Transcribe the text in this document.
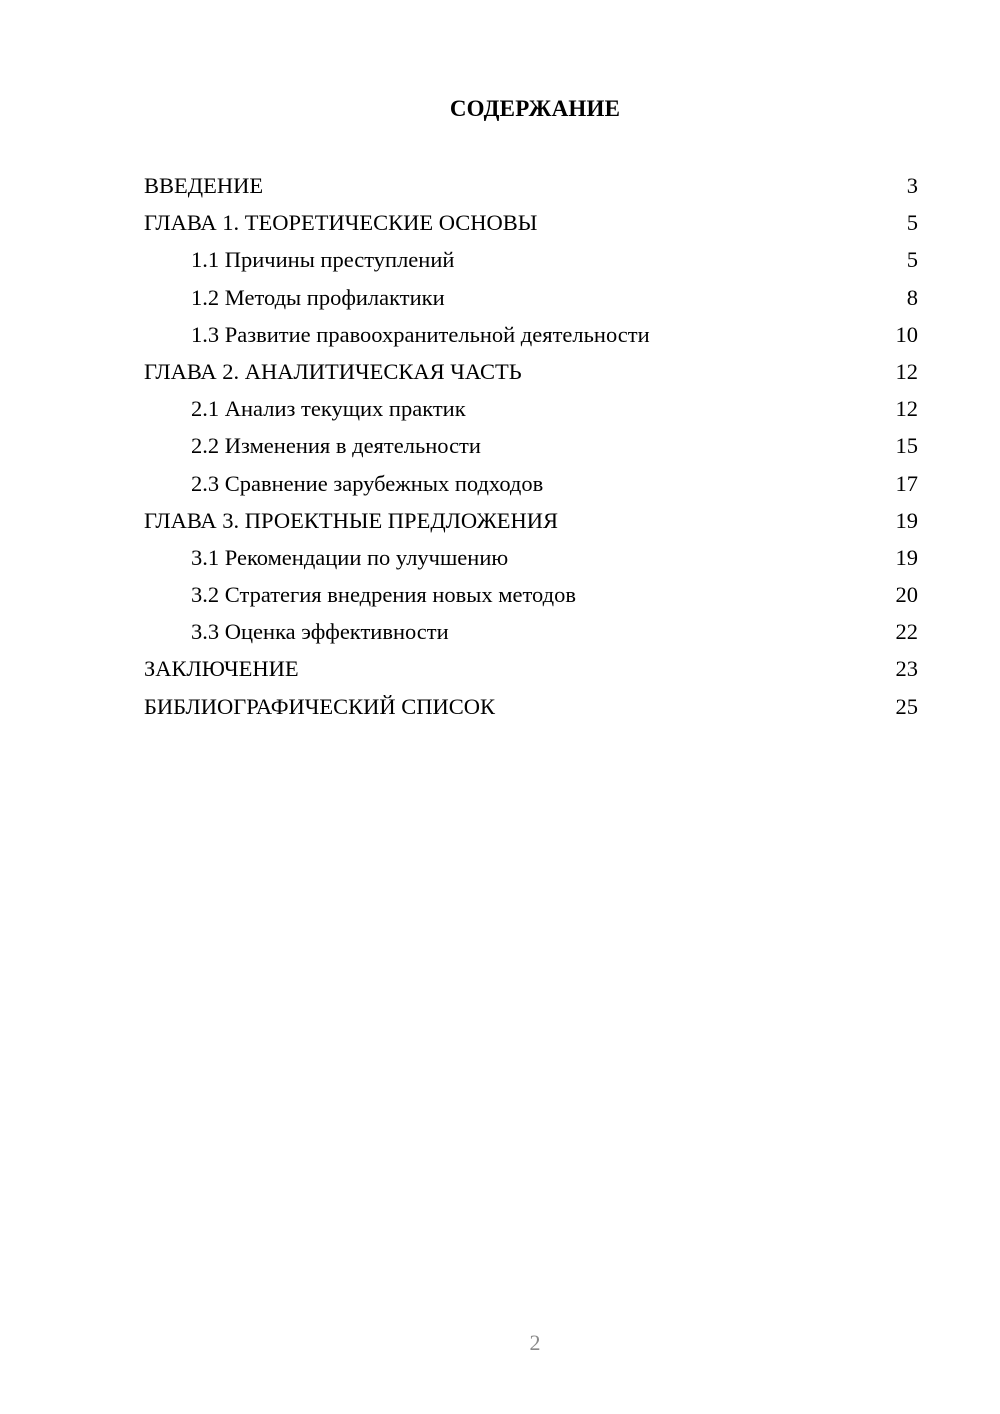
СОДЕРЖАНИЕ
ВВЕДЕНИЕ	3
ГЛАВА 1. ТЕОРЕТИЧЕСКИЕ ОСНОВЫ	5
1.1 Причины преступлений	5
1.2 Методы профилактики	8
1.3 Развитие правоохранительной деятельности	10
ГЛАВА 2. АНАЛИТИЧЕСКАЯ ЧАСТЬ	12
2.1 Анализ текущих практик	12
2.2 Изменения в деятельности	15
2.3 Сравнение зарубежных подходов	17
ГЛАВА 3. ПРОЕКТНЫЕ ПРЕДЛОЖЕНИЯ	19
3.1 Рекомендации по улучшению	19
3.2 Стратегия внедрения новых методов	20
3.3 Оценка эффективности	22
ЗАКЛЮЧЕНИЕ	23
БИБЛИОГРАФИЧЕСКИЙ СПИСОК	25
2
